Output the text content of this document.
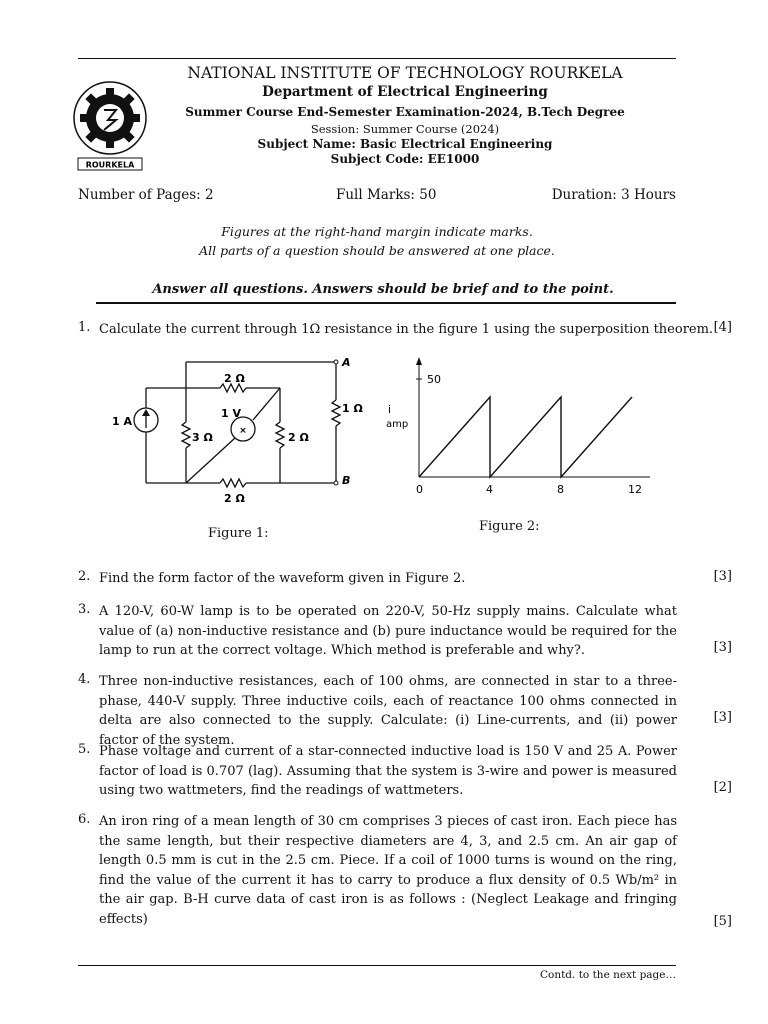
ROURKELA
NATIONAL INSTITUTE OF TECHNOLOGY ROURKELA
Department of Electrical Engineering
Summer Course End-Semester Examination-2024, B.Tech Degree
Session: Summer Course (2024)
Subject Name: Basic Electrical Engineering
Subject Code: EE1000
Number of Pages: 2	Full Marks: 50	Duration: 3 Hours
Figures at the right-hand margin indicate marks.
All parts of a question should be answered at one place.
Answer all questions. Answers should be brief and to the point.
1. Calculate the current through 1Ω resistance in the figure 1 using the superposition theorem. [4]
×
1 A
1 V
2 Ω
3 Ω	2 Ω
2 Ω
1 Ω
A
B
Figure 1:
i
amp
0	4	8	12
50
Figure 2:
2. Find the form factor of the waveform given in Figure 2.	[3]
3. A 120-V, 60-W lamp is to be operated on 220-V, 50-Hz supply mains. Calculate what value of (a) non-inductive resistance and (b) pure inductance would be required for the lamp to run at the correct voltage. Which method is preferable and why?.	[3]
4. Three non-inductive resistances, each of 100 ohms, are connected in star to a three-phase, 440-V supply. Three inductive coils, each of reactance 100 ohms connected in delta are also connected to the supply. Calculate: (i) Line-currents, and (ii) power factor of the system.
[3]
5. Phase voltage and current of a star-connected inductive load is 150 V and 25 A. Power factor of load is 0.707 (lag). Assuming that the system is 3-wire and power is measured using two wattmeters, find the readings of wattmeters.	[2]
6. An iron ring of a mean length of 30 cm comprises 3 pieces of cast iron. Each piece has the same length, but their respective diameters are 4, 3, and 2.5 cm. An air gap of length 0.5 mm is cut in the 2.5 cm. Piece. If a coil of 1000 turns is wound on the ring, find the value of the current it has to carry to produce a flux density of 0.5 Wb/m² in the air gap. B-H curve data of cast iron is as follows : (Neglect Leakage and fringing effects)	[5]
Contd. to the next page…
